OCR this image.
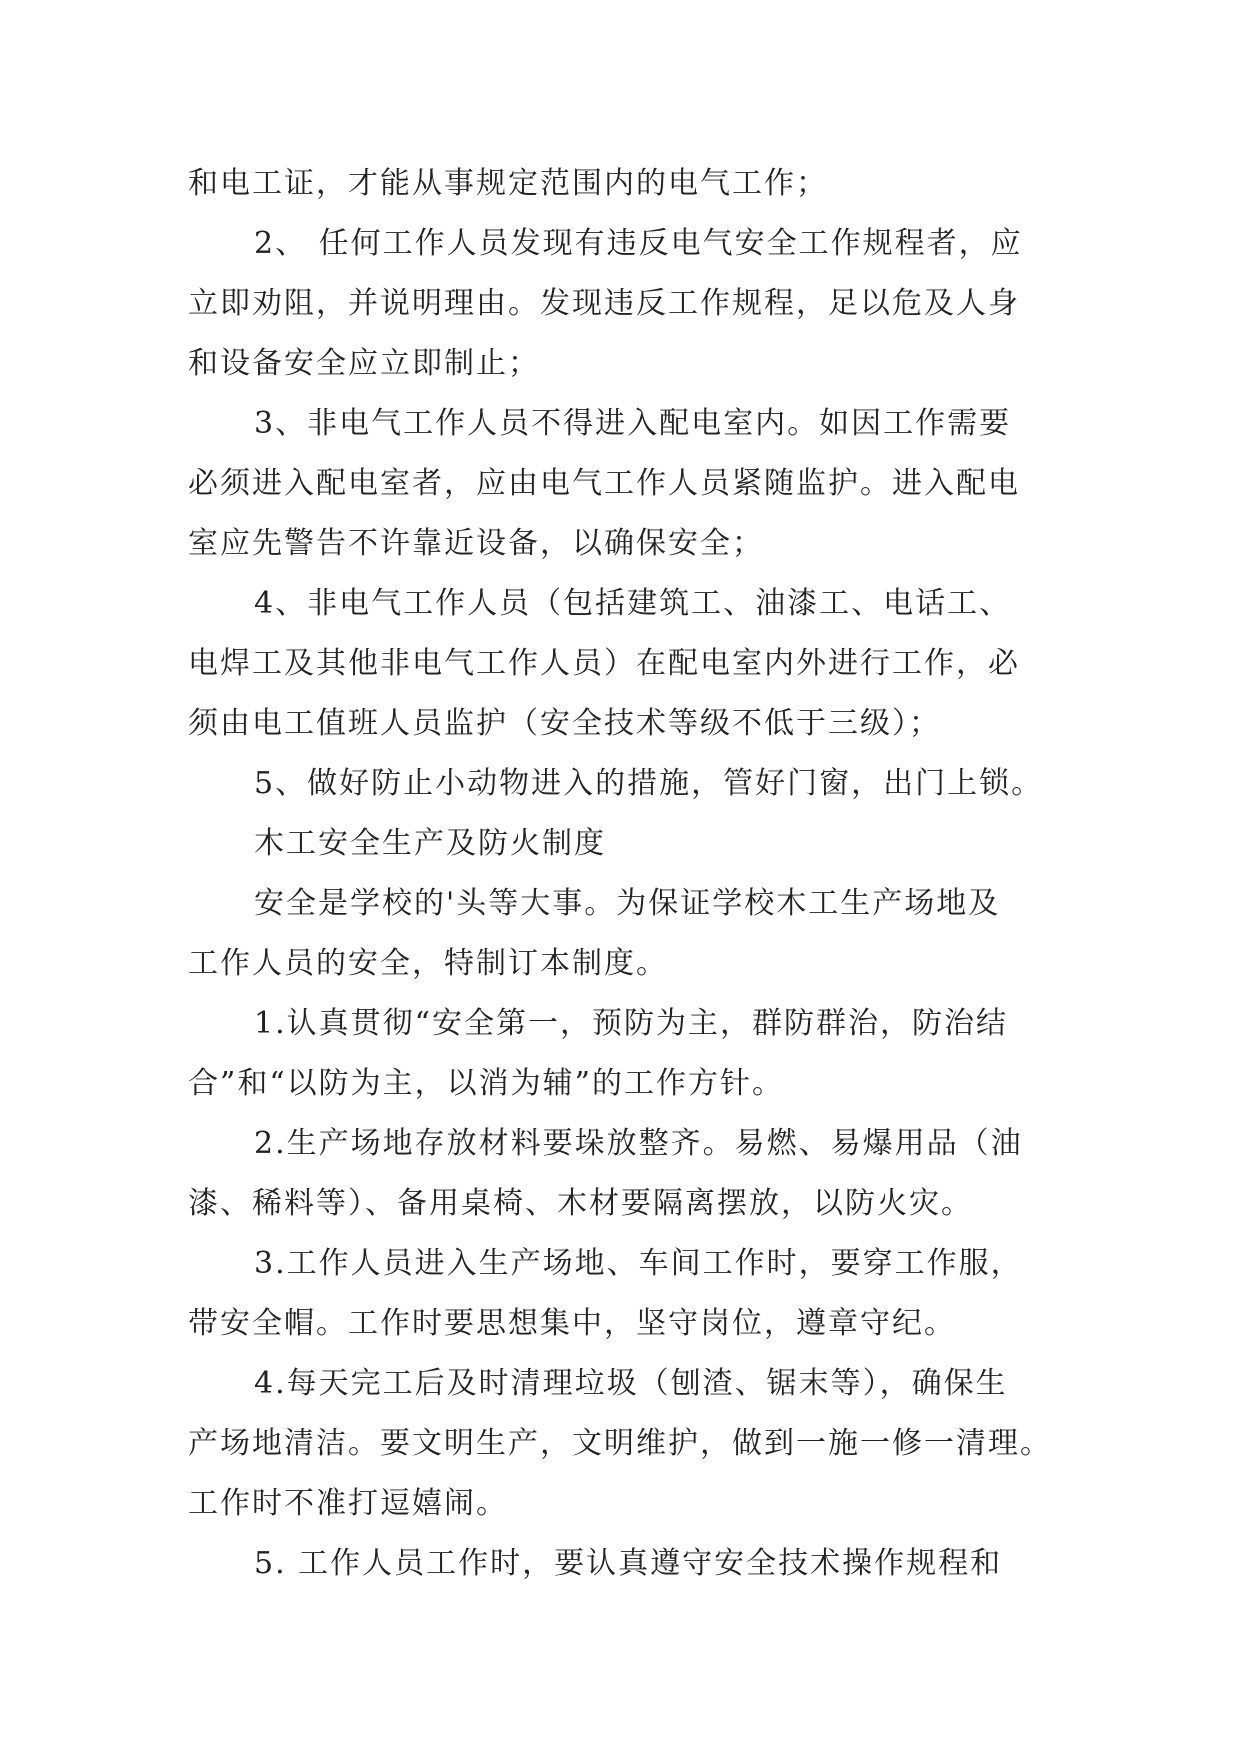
和电工证，才能从事规定范围内的电气工作；
2、 任何工作人员发现有违反电气安全工作规程者，应
立即劝阻，并说明理由。发现违反工作规程，足以危及人身
和设备安全应立即制止；
3、非电气工作人员不得进入配电室内。如因工作需要
必须进入配电室者，应由电气工作人员紧随监护。进入配电
室应先警告不许靠近设备，以确保安全；
4、非电气工作人员（包括建筑工、油漆工、电话工、
电焊工及其他非电气工作人员）在配电室内外进行工作，必
须由电工值班人员监护（安全技术等级不低于三级）；
5、做好防止小动物进入的措施，管好门窗，出门上锁。
木工安全生产及防火制度
安全是学校的'头等大事。为保证学校木工生产场地及
工作人员的安全，特制订本制度。
1.认真贯彻“安全第一，预防为主，群防群治，防治结
合”和“以防为主，以消为辅”的工作方针。
2.生产场地存放材料要垛放整齐。易燃、易爆用品（油
漆、稀料等）、备用桌椅、木材要隔离摆放，以防火灾。
3.工作人员进入生产场地、车间工作时，要穿工作服，
带安全帽。工作时要思想集中，坚守岗位，遵章守纪。
4.每天完工后及时清理垃圾（刨渣、锯末等），确保生
产场地清洁。要文明生产，文明维护，做到一施一修一清理。
工作时不准打逗嬉闹。
5. 工作人员工作时，要认真遵守安全技术操作规程和
